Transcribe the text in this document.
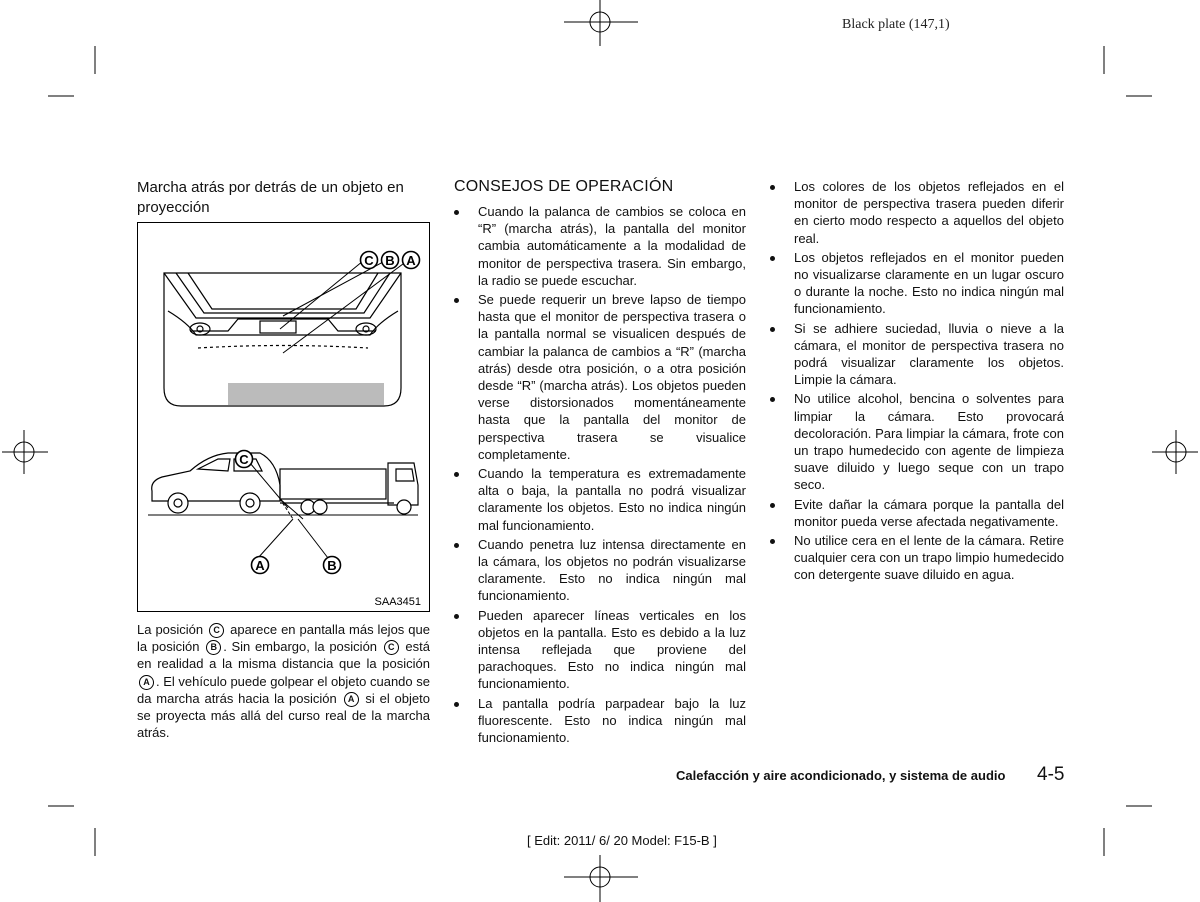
Black plate (147,1)
Marcha atrás por detrás de un objeto en proyección
C B A
C
A	B
SAA3451
La posición C aparece en pantalla más lejos que la posición B . Sin embargo, la posición C está en realidad a la misma distancia que la posición A . El vehículo puede golpear el objeto cuando se da marcha atrás hacia la posición A si el objeto se proyecta más allá del curso real de la marcha atrás.
CONSEJOS DE OPERACIÓN
Cuando la palanca de cambios se coloca en “R” (marcha atrás), la pantalla del monitor cambia automáticamente a la modalidad de monitor de perspectiva trasera. Sin embargo, la radio se puede escuchar.
Se puede requerir un breve lapso de tiempo hasta que el monitor de perspectiva trasera o la pantalla normal se visualicen después de cambiar la palanca de cambios a “R” (marcha atrás) desde otra posición, o a otra posición desde “R” (marcha atrás). Los objetos pueden verse distorsionados momentáneamente hasta que la pantalla del monitor de perspectiva trasera se visualice completamente.
Cuando la temperatura es extremadamente alta o baja, la pantalla no podrá visualizar claramente los objetos. Esto no indica ningún mal funcionamiento.
Cuando penetra luz intensa directamente en la cámara, los objetos no podrán visualizarse claramente. Esto no indica ningún mal funcionamiento.
Pueden aparecer líneas verticales en los objetos en la pantalla. Esto es debido a la luz intensa reflejada que proviene del parachoques. Esto no indica ningún mal funcionamiento.
La pantalla podría parpadear bajo la luz fluorescente. Esto no indica ningún mal funcionamiento.
Los colores de los objetos reflejados en el monitor de perspectiva trasera pueden diferir en cierto modo respecto a aquellos del objeto real.
Los objetos reflejados en el monitor pueden no visualizarse claramente en un lugar oscuro o durante la noche. Esto no indica ningún mal funcionamiento.
Si se adhiere suciedad, lluvia o nieve a la cámara, el monitor de perspectiva trasera no podrá visualizar claramente los objetos. Limpie la cámara.
No utilice alcohol, bencina o solventes para limpiar la cámara. Esto provocará decoloración. Para limpiar la cámara, frote con un trapo humedecido con agente de limpieza suave diluido y luego seque con un trapo seco.
Evite dañar la cámara porque la pantalla del monitor pueda verse afectada negativamente.
No utilice cera en el lente de la cámara. Retire cualquier cera con un trapo limpio humedecido con detergente suave diluido en agua.
Calefacción y aire acondicionado, y sistema de audio 4-5
[ Edit: 2011/ 6/ 20 Model: F15-B ]
